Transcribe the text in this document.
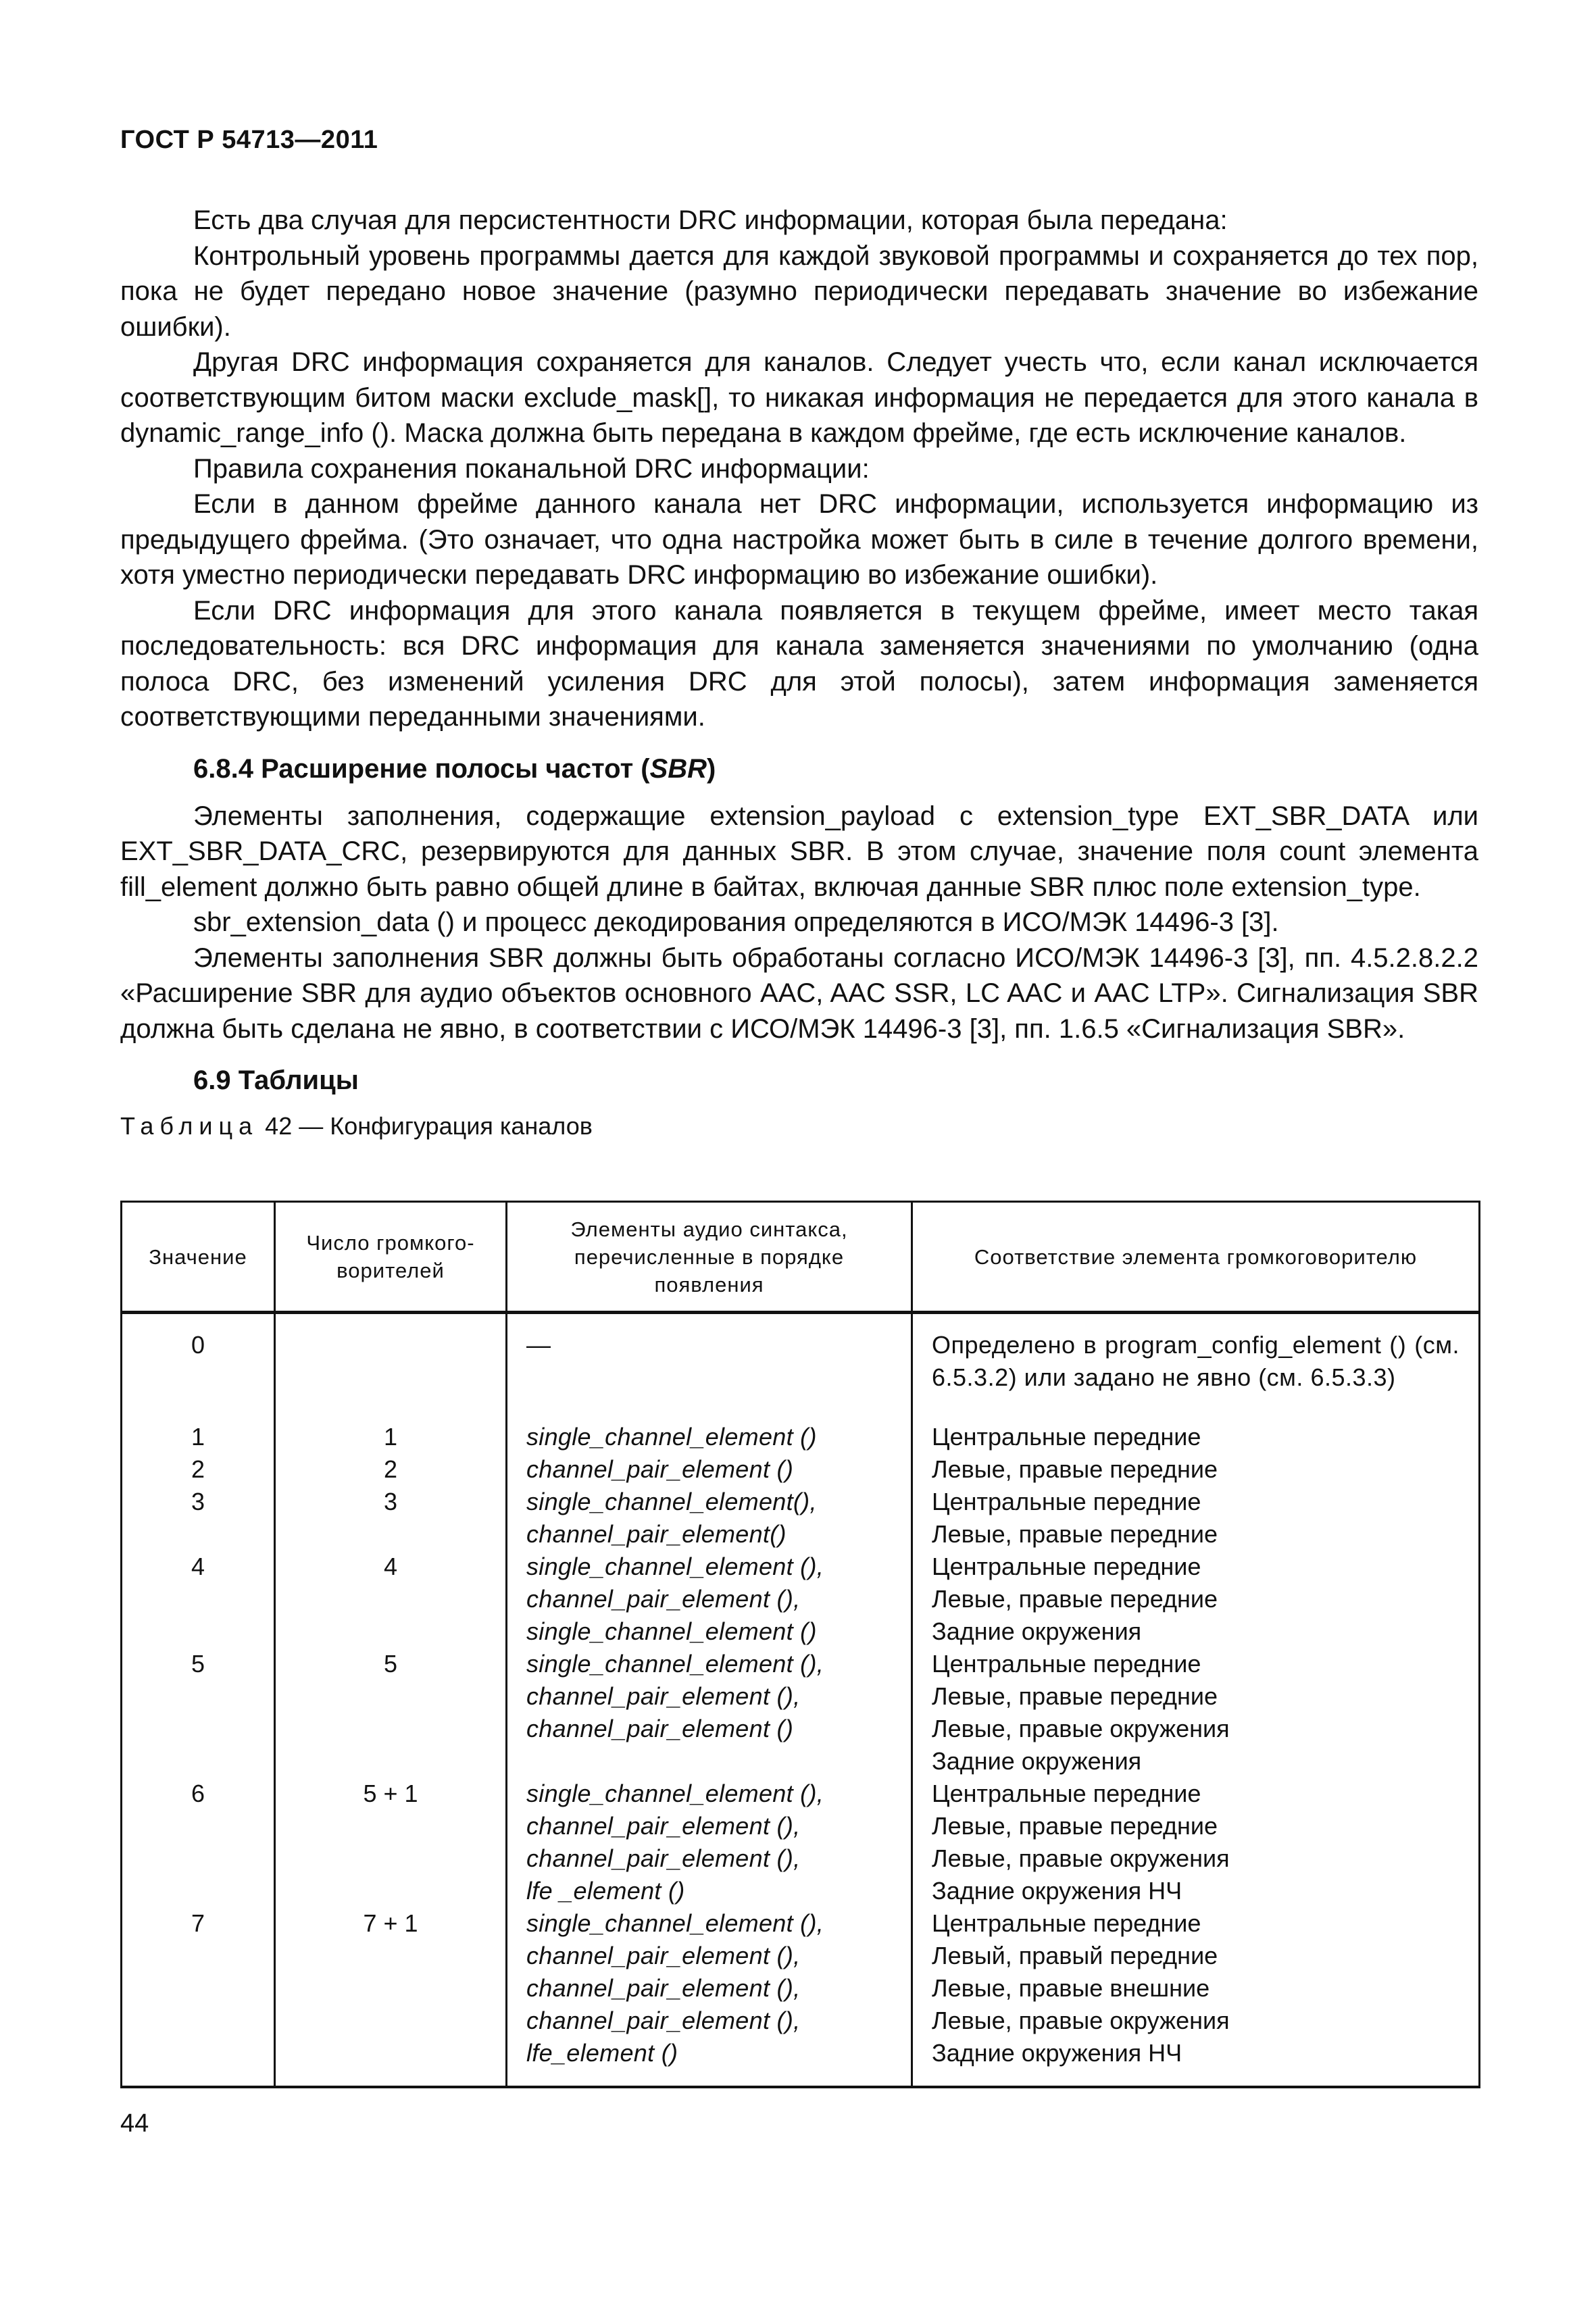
ГОСТ Р 54713—2011

Есть два случая для персистентности DRC информации, которая была передана:

Контрольный уровень программы дается для каждой звуковой программы и сохраняется до тех пор, пока не будет передано новое значение (разумно периодически передавать значение во избежание ошибки).

Другая DRC информация сохраняется для каналов. Следует учесть что, если канал исключается соответствующим битом маски exclude_mask[], то никакая информация не передается для этого канала в dynamic_range_info (). Маска должна быть передана в каждом фрейме, где есть исключение каналов.

Правила сохранения поканальной DRC информации:

Если в данном фрейме данного канала нет DRC информации, используется информацию из предыдущего фрейма. (Это означает, что одна настройка может быть в силе в течение долгого времени, хотя уместно периодически передавать DRC информацию во избежание ошибки).

Если DRC информация для этого канала появляется в текущем фрейме, имеет место такая последовательность: вся DRC информация для канала заменяется значениями по умолчанию (одна полоса DRC, без изменений усиления DRC для этой полосы), затем информация заменяется соответствующими переданными значениями.

6.8.4 Расширение полосы частот (SBR)

Элементы заполнения, содержащие extension_payload с extension_type EXT_SBR_DATA или EXT_SBR_DATA_CRC, резервируются для данных SBR. В этом случае, значение поля count элемента fill_element должно быть равно общей длине в байтах, включая данные SBR плюс поле extension_type.

sbr_extension_data () и процесс декодирования определяются в ИСО/МЭК 14496-3 [3].

Элементы заполнения SBR должны быть обработаны согласно ИСО/МЭК 14496-3 [3], пп. 4.5.2.8.2.2 «Расширение SBR для аудио объектов основного AAC, AAC SSR, LC AAC и AAC LTP». Сигнализация SBR должна быть сделана не явно, в соответствии с ИСО/МЭК 14496-3 [3], пп. 1.6.5 «Сигнализация SBR».

6.9 Таблицы

Таблица 42 — Конфигурация каналов

Значение	Число громкого-ворителей	Элементы аудио синтакса, перечисленные в порядке появления	Соответствие элемента громкоговорителю
0		—	Определено в program_config_element () (см. 6.5.3.2) или задано не явно (см. 6.5.3.3)

1	1	single_channel_element ()	Центральные передние

2	2	channel_pair_element ()	Левые, правые передние

3	3	single_channel_element(),
channel_pair_element()	Центральные передние
Левые, правые передние

4	4	single_channel_element (),
channel_pair_element (),
single_channel_element ()	Центральные передние
Левые, правые передние
Задние окружения

5	5	single_channel_element (),
channel_pair_element (),
channel_pair_element ()	Центральные передние
Левые, правые передние
Левые, правые окружения
Задние окружения

6	5 + 1	single_channel_element (),
channel_pair_element (),
channel_pair_element (),
lfe _element ()	Центральные передние
Левые, правые передние
Левые, правые окружения
Задние окружения НЧ

7	7 + 1	single_channel_element (),
channel_pair_element (),
channel_pair_element (),
channel_pair_element (),
lfe_element ()	Центральные передние
Левый, правый передние
Левые, правые внешние
Левые, правые окружения
Задние окружения НЧ
44
